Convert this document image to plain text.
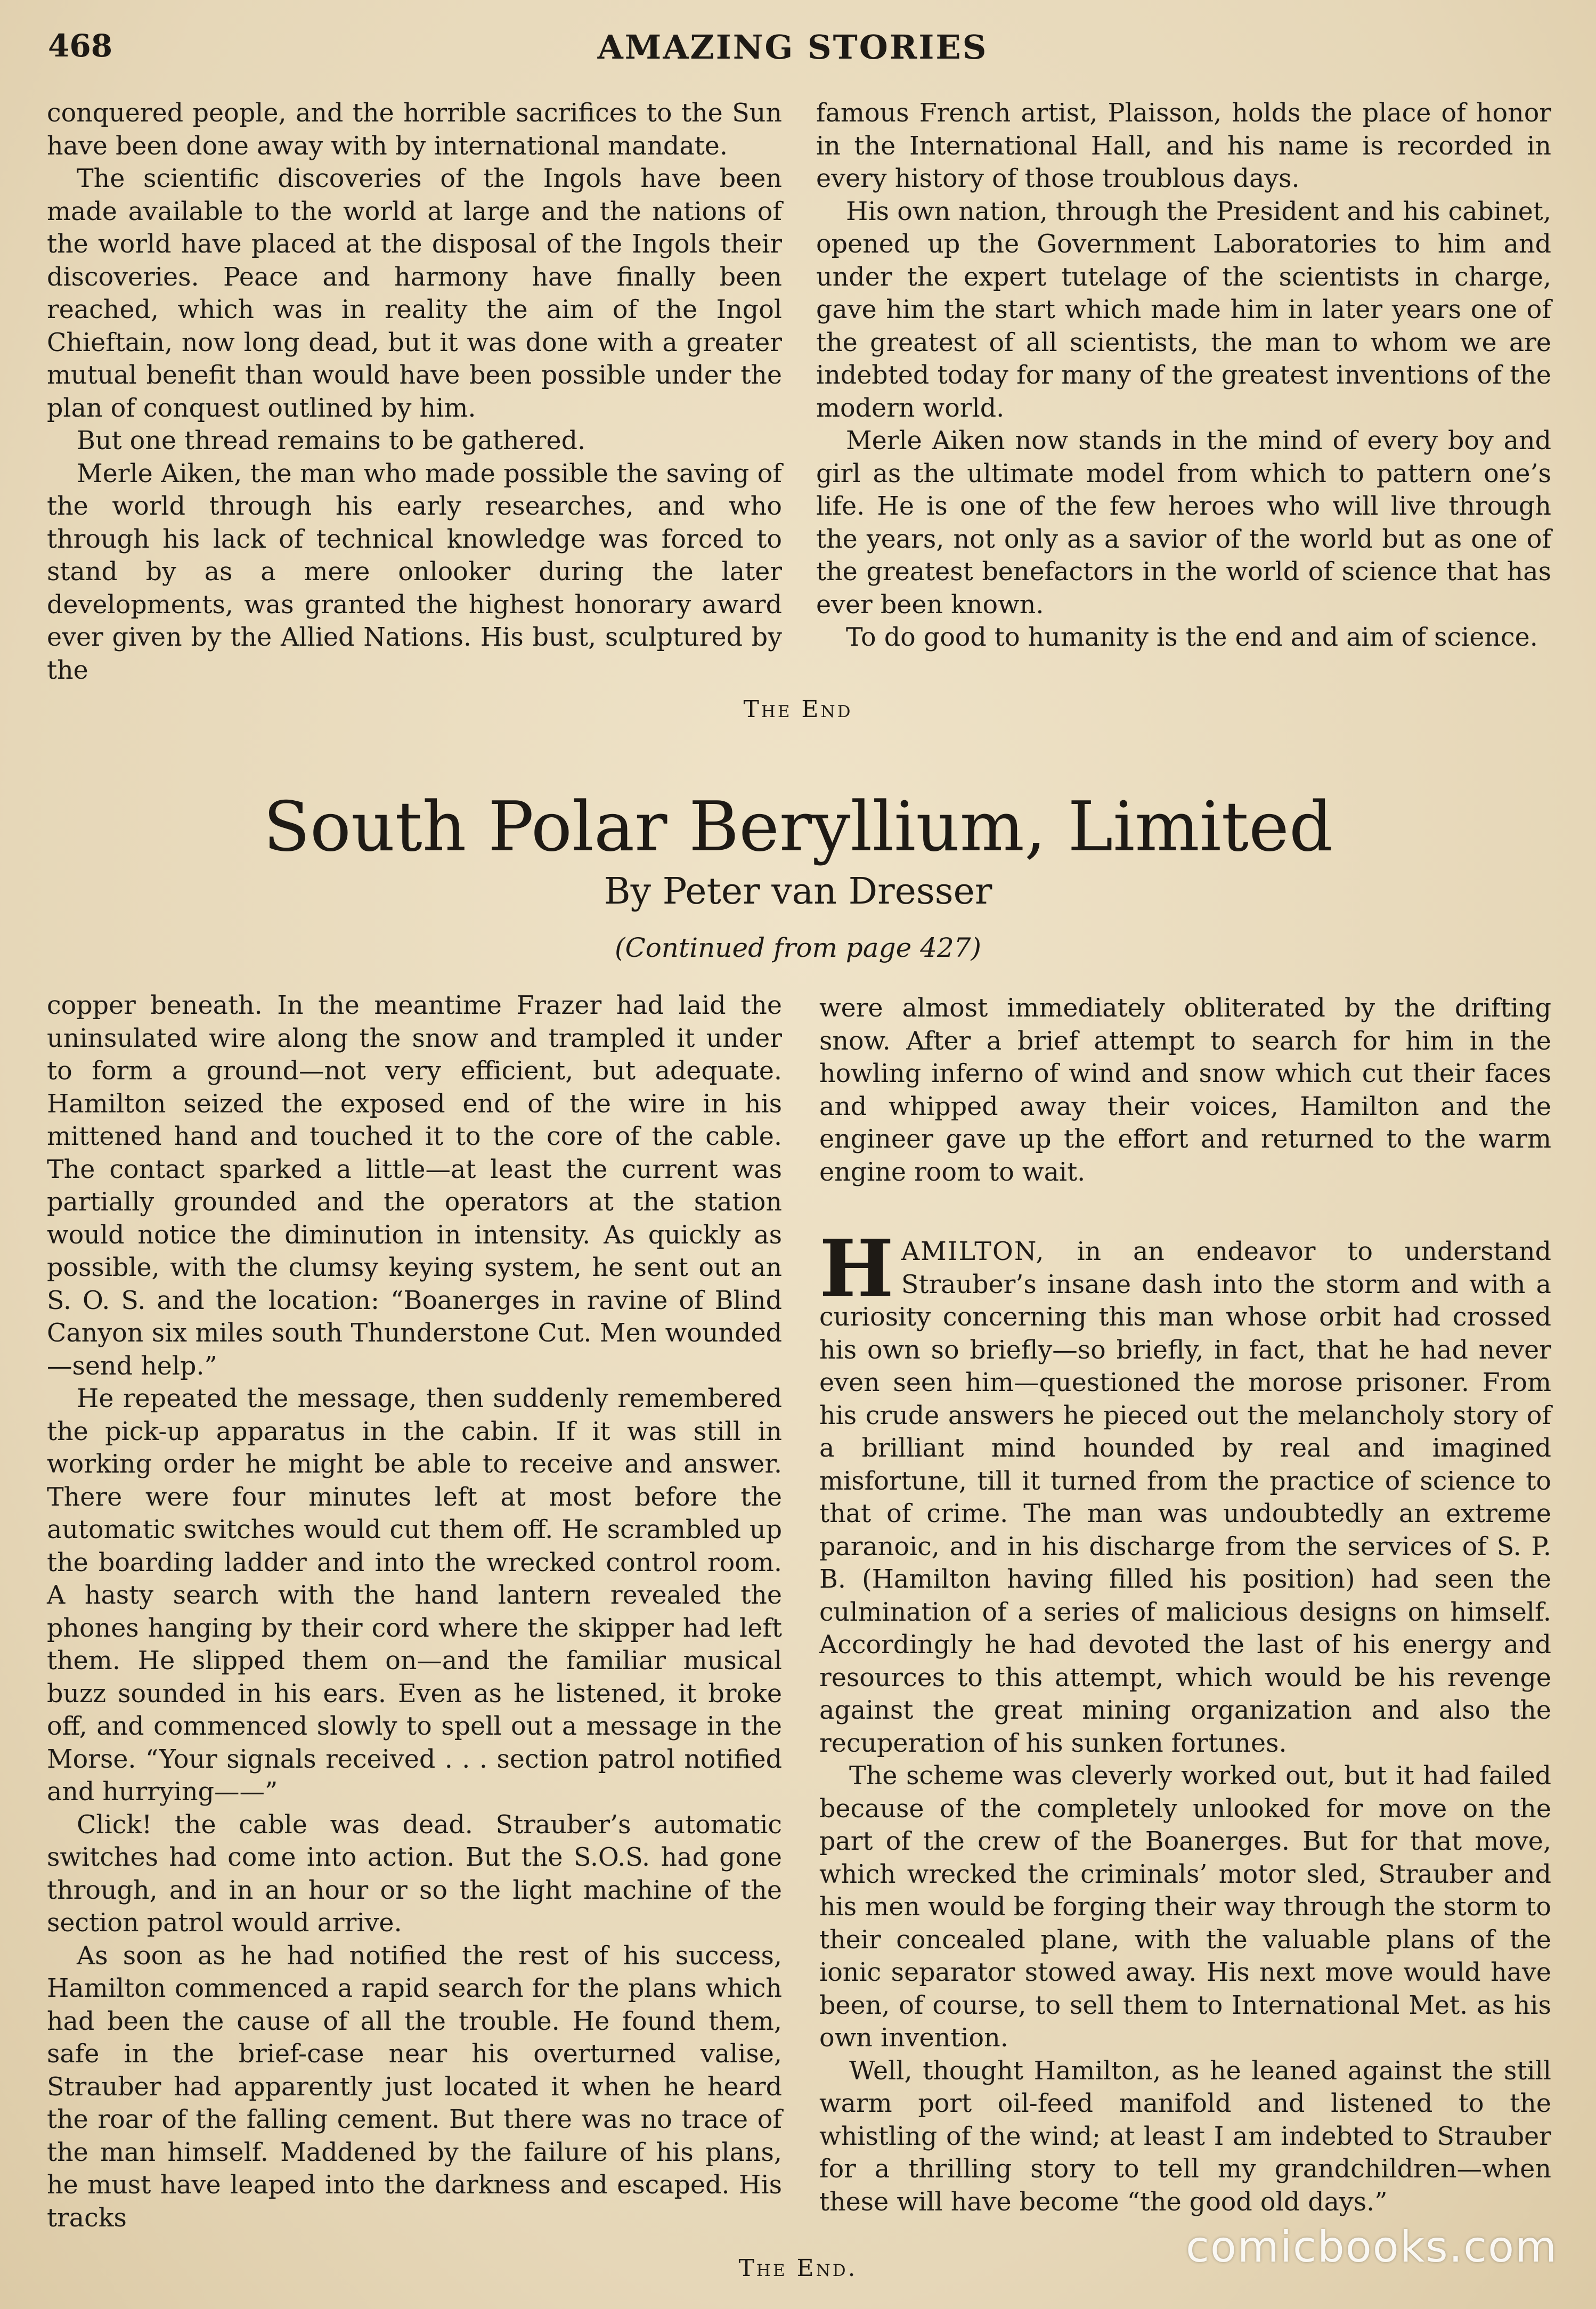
468	AMAZING STORIES

conquered people, and the horrible sacrifices to the Sun have been done away with by international mandate.

The scientific discoveries of the Ingols have been made available to the world at large and the nations of the world have placed at the disposal of the Ingols their discoveries. Peace and harmony have finally been reached, which was in reality the aim of the Ingol Chieftain, now long dead, but it was done with a greater mutual benefit than would have been possible under the plan of conquest outlined by him.

But one thread remains to be gathered.

Merle Aiken, the man who made possible the saving of the world through his early researches, and who through his lack of technical knowledge was forced to stand by as a mere onlooker during the later developments, was granted the highest honorary award ever given by the Allied Nations. His bust, sculptured by the

famous French artist, Plaisson, holds the place of honor in the International Hall, and his name is recorded in every history of those troublous days.

His own nation, through the President and his cabinet, opened up the Government Laboratories to him and under the expert tutelage of the scientists in charge, gave him the start which made him in later years one of the greatest of all scientists, the man to whom we are indebted today for many of the greatest inventions of the modern world.

Merle Aiken now stands in the mind of every boy and girl as the ultimate model from which to pattern one’s life. He is one of the few heroes who will live through the years, not only as a savior of the world but as one of the greatest benefactors in the world of science that has ever been known.

To do good to humanity is the end and aim of science.

The End
South Polar Beryllium, Limited
By Peter van Dresser
(Continued from page 427)

copper beneath. In the meantime Frazer had laid the uninsulated wire along the snow and trampled it under to form a ground—not very efficient, but adequate. Hamilton seized the exposed end of the wire in his mittened hand and touched it to the core of the cable. The contact sparked a little—at least the current was partially grounded and the operators at the station would notice the diminution in intensity. As quickly as possible, with the clumsy keying system, he sent out an S. O. S. and the location: “Boanerges in ravine of Blind Canyon six miles south Thunderstone Cut. Men wounded—send help.”

He repeated the message, then suddenly remembered the pick-up apparatus in the cabin. If it was still in working order he might be able to receive and answer. There were four minutes left at most before the automatic switches would cut them off. He scrambled up the boarding ladder and into the wrecked control room. A hasty search with the hand lantern revealed the phones hanging by their cord where the skipper had left them. He slipped them on—and the familiar musical buzz sounded in his ears. Even as he listened, it broke off, and commenced slowly to spell out a message in the Morse. “Your signals received . . . section patrol notified and hurrying——”

Click! the cable was dead. Strauber’s automatic switches had come into action. But the S.O.S. had gone through, and in an hour or so the light machine of the section patrol would arrive.

As soon as he had notified the rest of his success, Hamilton commenced a rapid search for the plans which had been the cause of all the trouble. He found them, safe in the brief-case near his overturned valise, Strauber had apparently just located it when he heard the roar of the falling cement. But there was no trace of the man himself. Maddened by the failure of his plans, he must have leaped into the darkness and escaped. His tracks

were almost immediately obliterated by the drifting snow. After a brief attempt to search for him in the howling inferno of wind and snow which cut their faces and whipped away their voices, Hamilton and the engineer gave up the effort and returned to the warm engine room to wait.

HAMILTON, in an endeavor to understand Strauber’s insane dash into the storm and with a curiosity concerning this man whose orbit had crossed his own so briefly—so briefly, in fact, that he had never even seen him—questioned the morose prisoner. From his crude answers he pieced out the melancholy story of a brilliant mind hounded by real and imagined misfortune, till it turned from the practice of science to that of crime. The man was undoubtedly an extreme paranoic, and in his discharge from the services of S. P. B. (Hamilton having filled his position) had seen the culmination of a series of malicious designs on himself. Accordingly he had devoted the last of his energy and resources to this attempt, which would be his revenge against the great mining organization and also the recuperation of his sunken fortunes.

The scheme was cleverly worked out, but it had failed because of the completely unlooked for move on the part of the crew of the Boanerges. But for that move, which wrecked the criminals’ motor sled, Strauber and his men would be forging their way through the storm to their concealed plane, with the valuable plans of the ionic separator stowed away. His next move would have been, of course, to sell them to International Met. as his own invention.

Well, thought Hamilton, as he leaned against the still warm port oil-feed manifold and listened to the whistling of the wind; at least I am indebted to Strauber for a thrilling story to tell my grandchildren—when these will have become “the good old days.”

The End.	comicbooks.com
